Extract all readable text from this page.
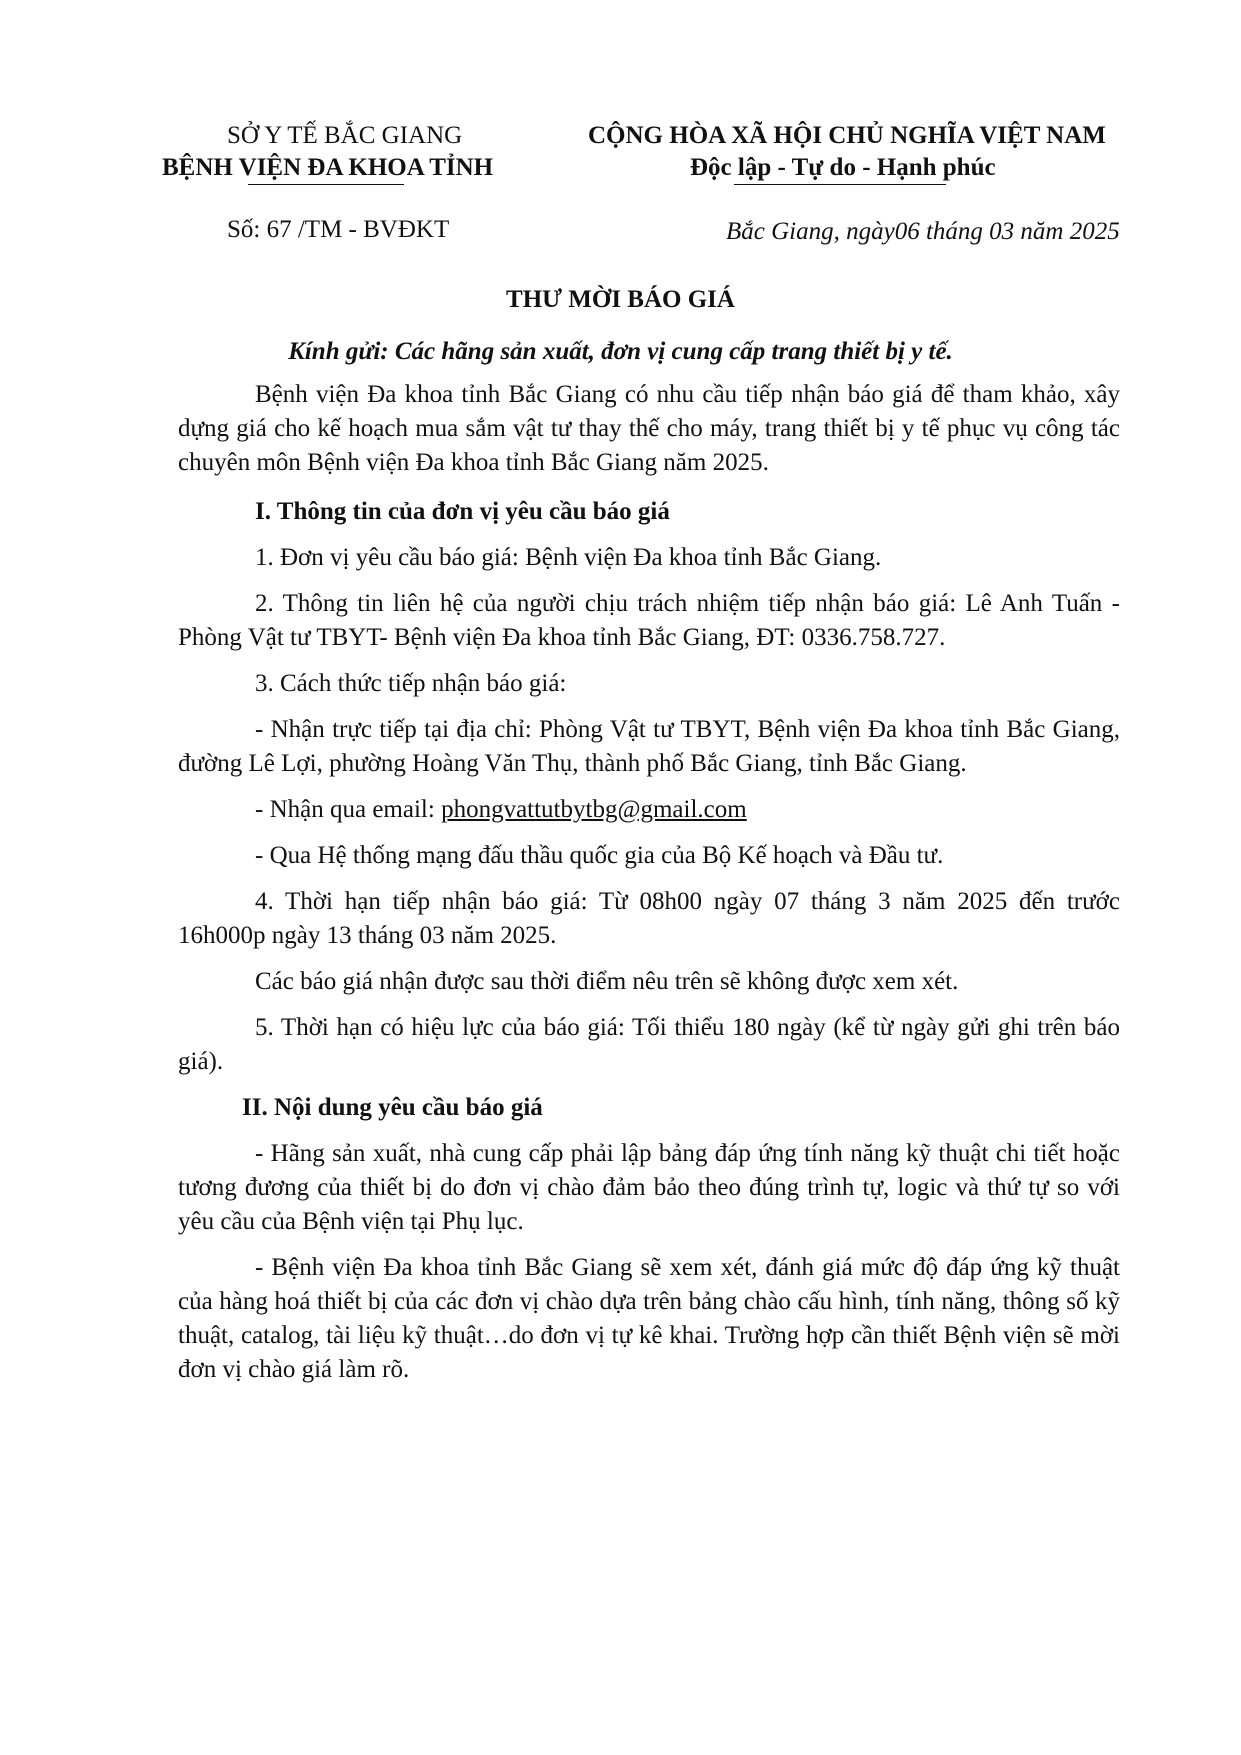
SỞ Y TẾ BẮC GIANG
BỆNH VIỆN ĐA KHOA TỈNH
CỘNG HÒA XÃ HỘI CHỦ NGHĨA VIỆT NAM
Độc lập - Tự do - Hạnh phúc
Số: 67 /TM - BVĐKT	Bắc Giang, ngày06 tháng 03 năm 2025
THƯ MỜI BÁO GIÁ
Kính gửi: Các hãng sản xuất, đơn vị cung cấp trang thiết bị y tế.

Bệnh viện Đa khoa tỉnh Bắc Giang có nhu cầu tiếp nhận báo giá để tham khảo, xây dựng giá cho kế hoạch mua sắm vật tư thay thế cho máy, trang thiết bị y tế phục vụ công tác chuyên môn Bệnh viện Đa khoa tỉnh Bắc Giang năm 2025.

I. Thông tin của đơn vị yêu cầu báo giá

1. Đơn vị yêu cầu báo giá: Bệnh viện Đa khoa tỉnh Bắc Giang.

2. Thông tin liên hệ của người chịu trách nhiệm tiếp nhận báo giá: Lê Anh Tuấn - Phòng Vật tư TBYT- Bệnh viện Đa khoa tỉnh Bắc Giang, ĐT: 0336.758.727.

3. Cách thức tiếp nhận báo giá:

- Nhận trực tiếp tại địa chỉ: Phòng Vật tư TBYT, Bệnh viện Đa khoa tỉnh Bắc Giang, đường Lê Lợi, phường Hoàng Văn Thụ, thành phố Bắc Giang, tỉnh Bắc Giang.

- Nhận qua email: phongvattutbytbg@gmail.com

- Qua Hệ thống mạng đấu thầu quốc gia của Bộ Kế hoạch và Đầu tư.

4. Thời hạn tiếp nhận báo giá: Từ 08h00 ngày 07 tháng 3 năm 2025 đến trước 16h000p ngày 13 tháng 03 năm 2025.

Các báo giá nhận được sau thời điểm nêu trên sẽ không được xem xét.

5. Thời hạn có hiệu lực của báo giá: Tối thiểu 180 ngày (kể từ ngày gửi ghi trên báo giá).

II. Nội dung yêu cầu báo giá

- Hãng sản xuất, nhà cung cấp phải lập bảng đáp ứng tính năng kỹ thuật chi tiết hoặc tương đương của thiết bị do đơn vị chào đảm bảo theo đúng trình tự, logic và thứ tự so với yêu cầu của Bệnh viện tại Phụ lục.

- Bệnh viện Đa khoa tỉnh Bắc Giang sẽ xem xét, đánh giá mức độ đáp ứng kỹ thuật của hàng hoá thiết bị của các đơn vị chào dựa trên bảng chào cấu hình, tính năng, thông số kỹ thuật, catalog, tài liệu kỹ thuật…do đơn vị tự kê khai. Trường hợp cần thiết Bệnh viện sẽ mời đơn vị chào giá làm rõ.
